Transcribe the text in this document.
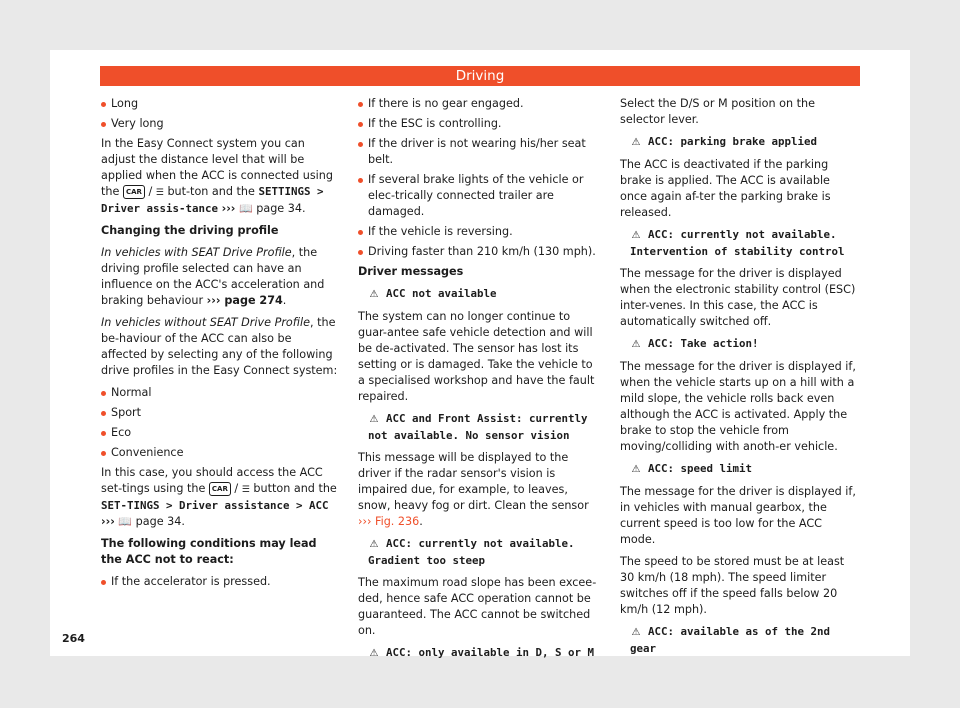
Driving
Long
Very long

In the Easy Connect system you can adjust the distance level that will be applied when the ACC is connected using the CAR / ☰ but-ton and the SETTINGS > Driver assis-tance ››› 📖 page 34.

Changing the driving profile

In vehicles with SEAT Drive Profile, the driving profile selected can have an influence on the ACC's acceleration and braking behaviour ››› page 274.

In vehicles without SEAT Drive Profile, the be-haviour of the ACC can also be affected by selecting any of the following drive profiles in the Easy Connect system:

Normal
Sport
Eco
Convenience

In this case, you should access the ACC set-tings using the CAR / ☰ button and the SET-TINGS > Driver assistance > ACC ››› 📖 page 34.

The following conditions may lead the ACC not to react:

If the accelerator is pressed.
If there is no gear engaged.
If the ESC is controlling.
If the driver is not wearing his/her seat belt.
If several brake lights of the vehicle or elec-trically connected trailer are damaged.
If the vehicle is reversing.
Driving faster than 210 km/h (130 mph).

Driver messages

⚠ ACC not available

The system can no longer continue to guar-antee safe vehicle detection and will be de-activated. The sensor has lost its setting or is damaged. Take the vehicle to a specialised workshop and have the fault repaired.

⚠ ACC and Front Assist: currently not available. No sensor vision

This message will be displayed to the driver if the radar sensor's vision is impaired due, for example, to leaves, snow, heavy fog or dirt. Clean the sensor ››› Fig. 236.

⚠ ACC: currently not available. Gradient too steep

The maximum road slope has been excee-ded, hence safe ACC operation cannot be guaranteed. The ACC cannot be switched on.

⚠ ACC: only available in D, S or M

Select the D/S or M position on the selector lever.

⚠ ACC: parking brake applied

The ACC is deactivated if the parking brake is applied. The ACC is available once again af-ter the parking brake is released.

⚠ ACC: currently not available. Intervention of stability control

The message for the driver is displayed when the electronic stability control (ESC) inter-venes. In this case, the ACC is automatically switched off.

⚠ ACC: Take action!

The message for the driver is displayed if, when the vehicle starts up on a hill with a mild slope, the vehicle rolls back even although the ACC is activated. Apply the brake to stop the vehicle from moving/colliding with anoth-er vehicle.

⚠ ACC: speed limit

The message for the driver is displayed if, in vehicles with manual gearbox, the current speed is too low for the ACC mode.

The speed to be stored must be at least 30 km/h (18 mph). The speed limiter switches off if the speed falls below 20 km/h (12 mph).

⚠ ACC: available as of the 2nd gear
264
